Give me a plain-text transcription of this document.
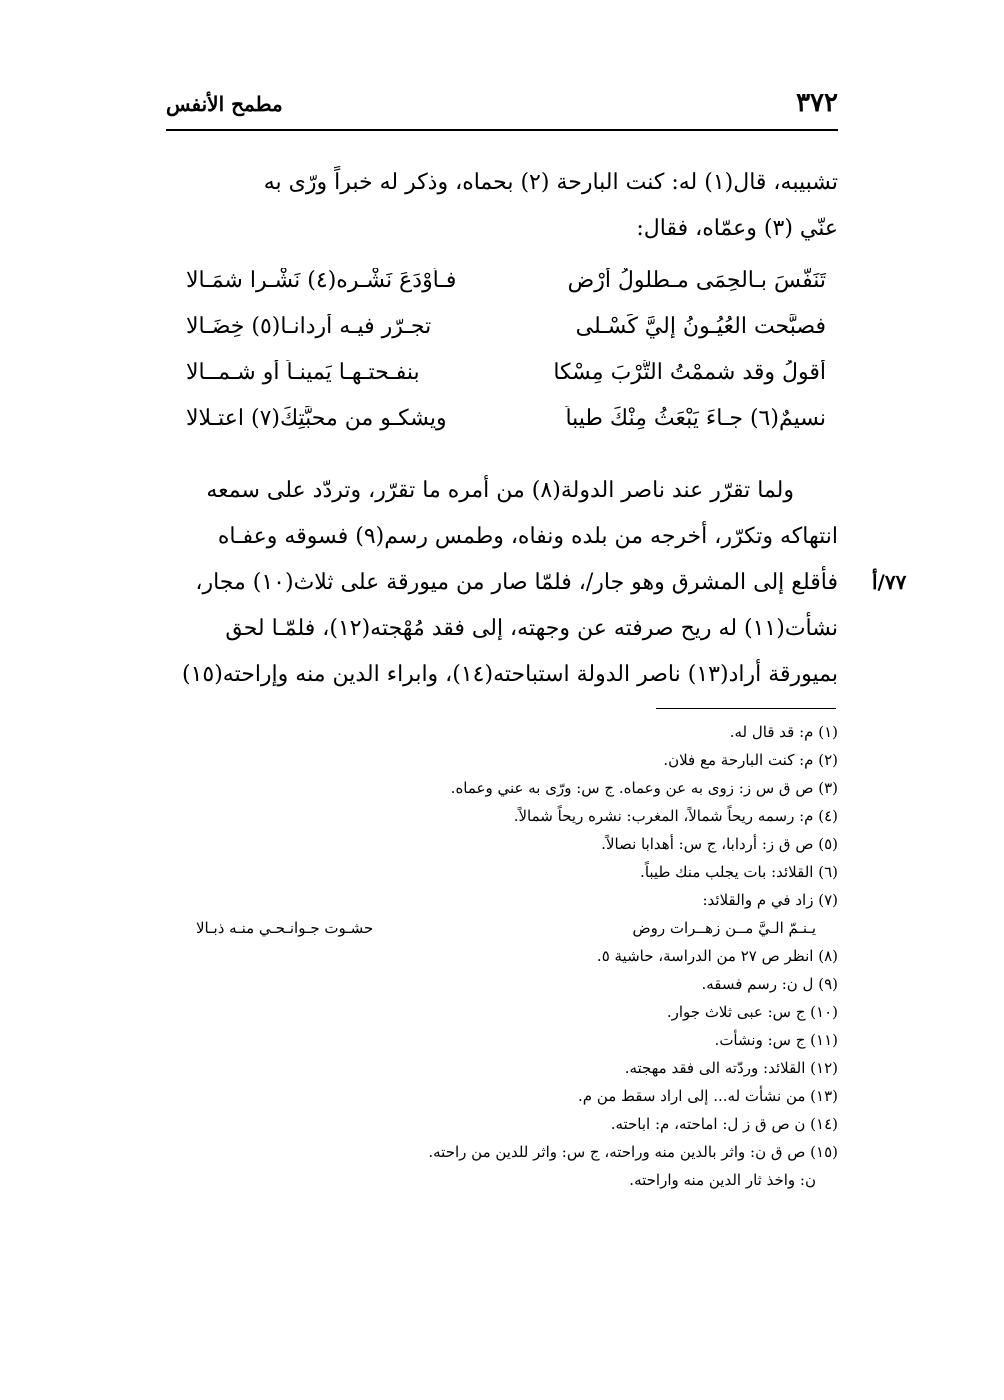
٣٧٢
مطمح الأنفس

تشبيبه، قال(١) له: كنت البارحة (٢) بحماه، وذكر له خبراً ورّى به

عنّي (٣) وعمّاه، فقال:

تَنَفَّسَ بـالحِمَى مـطلولُ أَرْضٍ
فـأَوْدَعَ نَشْـره(٤) نَشْـرا شمَـالا
فصبَّحت العُيُـونُ إليَّ كَسْـلى
تجـرّر فيـه أردانـا(٥) خِضَـالا
أقولُ وقد شممْتُ التُّرْبَ مِسْكا
بنفـحتـهـا يَمينـاً أو شـمــالا
نسيمٌ(٦) جـاءَ يَبْعَثُ مِنْكَ طيباً
ويشكـو من محبَّتِكَ(٧) اعتـلالا

ولما تقرّر عند ناصر الدولة(٨) من أمره ما تقرّر، وتردّد على سمعه

انتهاكه وتكرّر، أخرجه من بلده ونفاه، وطمس رسم(٩) فسوقه وعفـاه

فأقلع إلى المشرق وهو جار/، فلمّا صار من ميورقة على ثلاث(١٠) مجار،

نشأت(١١) له ريح صرفته عن وجهته، إلى فقد مُهْجته(١٢)، فلمّـا لحق

بميورقة أراد(١٣) ناصر الدولة استباحته(١٤)، وابراء الدين منه وإراحته(١٥)

٧٧/أ
(١) م: قد قال له.
(٢) م: كنت البارحة مع فلان.
(٣) ص ق س ز: زوى به عن وعماه. ج س: ورّى به عني وعماه.
(٤) م: رسمه ريحاً شمالاً، المغرب: نشره ريحاً شمالاً.
(٥) ص ق ز: أردابا، ج س: أهدابا نصالاً.
(٦) القلائد: بات يجلب منك طيباً.
(٧) زاد في م والقلائد:
يـنـمّ الـيَّ مــن زهــرات روض
حشـوت جـوانـحـي منـه ذبـالا
(٨) انظر ص ٢٧ من الدراسة، حاشية ٥.
(٩) ل ن: رسم فسقه.
(١٠) ج س: عبى ثلاث جوار.
(١١) ج س: ونشأت.
(١٢) القلائد: وردّته الى فقد مهجته.
(١٣) من نشأت له... إلى اراد سقط من م.
(١٤) ن ص ق ز ل: اماحته، م: اباحته.
(١٥) ص ق ن: واثر بالدين منه وراحته، ج س: واثر للدين من راحته.
ن: واخذ ثار الدين منه واراحته.
